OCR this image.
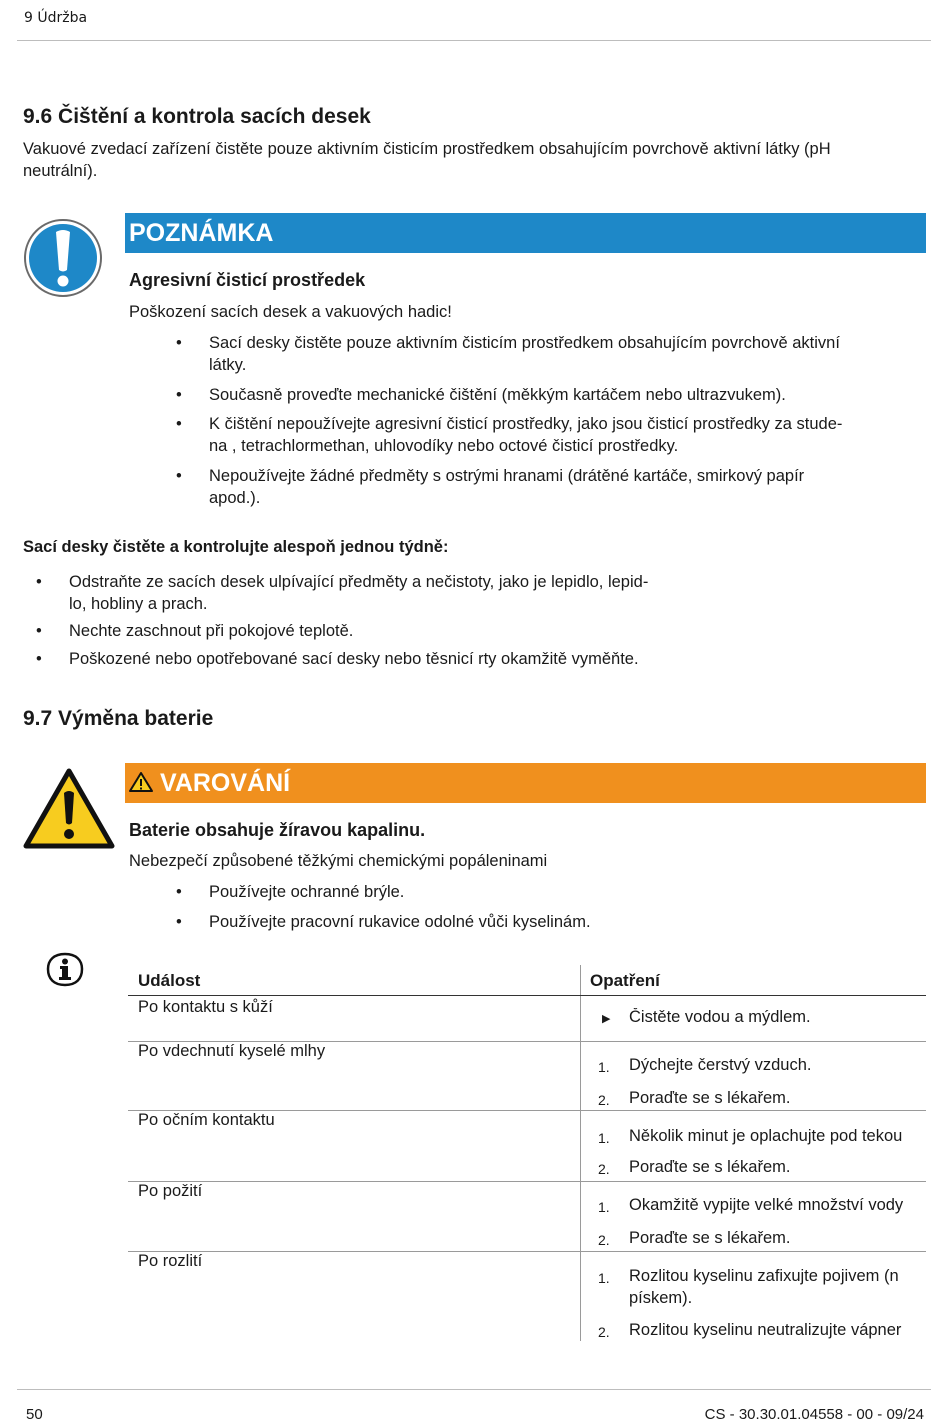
9 Údržba
9.6 Čištění a kontrola sacích desek
Vakuové zvedací zařízení čistěte pouze aktivním čisticím prostředkem obsahujícím povrchově aktivní látky (pH
neutrální).
POZNÁMKA
Agresivní čisticí prostředek
Poškození sacích desek a vakuových hadic!
• Sací desky čistěte pouze aktivním čisticím prostředkem obsahujícím povrchově aktivní
látky.
• Současně proveďte mechanické čištění (měkkým kartáčem nebo ultrazvukem).
• K čištění nepoužívejte agresivní čisticí prostředky, jako jsou čisticí prostředky za stude-
na , tetrachlormethan, uhlovodíky nebo octové čisticí prostředky.
• Nepoužívejte žádné předměty s ostrými hranami (drátěné kartáče, smirkový papír
apod.).
Sací desky čistěte a kontrolujte alespoň jednou týdně:
• Odstraňte ze sacích desek ulpívající předměty a nečistoty, jako je lepidlo, lepid-
lo, hobliny a prach.
• Nechte zaschnout při pokojové teplotě.
• Poškozené nebo opotřebované sací desky nebo těsnicí rty okamžitě vyměňte.
9.7 Výměna baterie
VAROVÁNÍ
Baterie obsahuje žíravou kapalinu.
Nebezpečí způsobené těžkými chemickými popáleninami
• Používejte ochranné brýle.
• Používejte pracovní rukavice odolné vůči kyselinám.
Událost	Opatření
Po kontaktu s kůží
▶ Čistěte vodou a mýdlem.
Po vdechnutí kyselé mlhy
1. Dýchejte čerstvý vzduch.
2. Poraďte se s lékařem.
Po očním kontaktu
1. Několik minut je oplachujte pod tekou
2. Poraďte se s lékařem.
Po požití
1. Okamžitě vypijte velké množství vody
2. Poraďte se s lékařem.
Po rozlití
1. Rozlitou kyselinu zafixujte pojivem (n
pískem).
2. Rozlitou kyselinu neutralizujte vápner
50	CS - 30.30.01.04558 - 00 - 09/24
